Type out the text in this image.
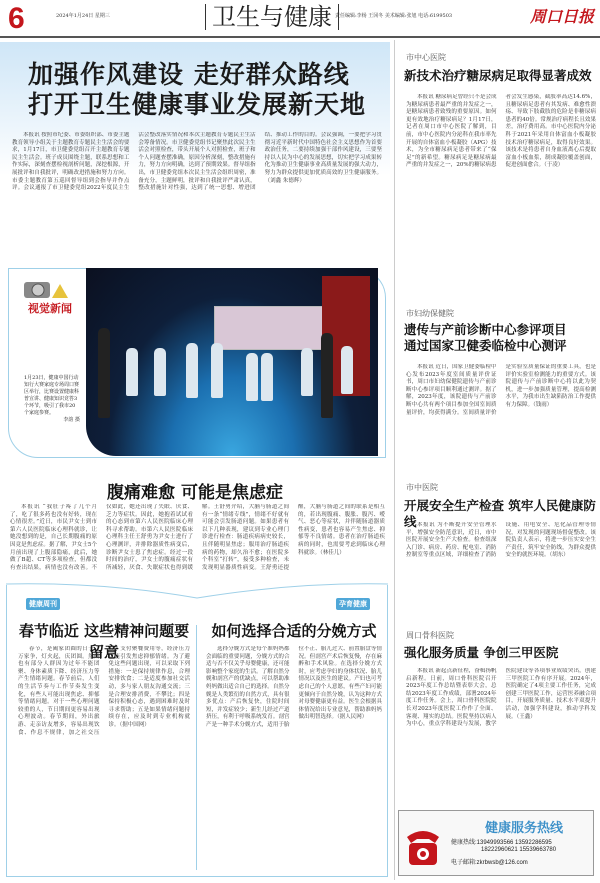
6	2024年1月24日 星期三	卫生与健康 责任编辑:李杨 王冈冬 美术编辑:张旭 电话:6199503	周口日报
加强作风建设 走好群众路线
打开卫生健康事业发展新天地
本报讯 按照市纪委、市委组织部、市委主题教育领导小组关于主题教育专题民主生活会的要求，1月17日，市卫健委党组召开主题教育专题民主生活会。班子成员围绕主题，联系思想和工作实际，深刻查摆检视剖析问题，深挖根源，开展批评和自我批评，明确改进措施和努力方向。市委主题教育第五巡回督导组到会指导并作点评。会议通报了市卫健委党组2022年度民主生活会整改落实情况和本次主题教育专题民主生活会筹备情况。市卫健委党组书记聚焦此次民主生活会对照检查，带头开展个人对照检查，班子和个人问题查摆准确，原因分析深刻，整改措施有力，努力方向明确，达到了预期效果。督导组指出，市卫健委党组本次民主生活会组织周密，准备充分，主题鲜明，批评和自我批评严肃认真，整改措施针对性强，达到了统一思想、增进团结、推动工作的目的。会议强调，一要把学习贯彻习近平新时代中国特色社会主义思想作为首要政治任务，二要持续加强干部作风建设，三要坚持以人民为中心的发展思想，切实把学习成果转化为推动卫生健康事业高质量发展的强大动力，努力为群众提供更加优质高效的卫生健康服务。（刘鑫 朱德辉）
视觉新闻
1月23日，健康中国行动知行大赛家庭专场周口赛区举行，比赛设置健康科普宣讲、健康知识竞答3个环节，吸引了我市20个家庭参赛。

李韵 摄
腹痛难愈 可能是焦虑症
本报讯 “我肚子疼了几个月了，吃了很多药也没有好转，现在心情很差。”近日，市民尹女士到市第六人民医院临床心理科就诊，让她没想到的是，自己长期腹痛的原因竟是焦虑症。据了解，尹女士5个月前出现了上腹部隐痛，此后，她做了B超、CT等多项检查，但都没有查出结果，病情也没有改善。不仅如此，她还出现了失眠、厌食、乏力等症状。因此，她抱着试试看的心态到市第六人民医院临床心理科寻求帮助。市第六人民医院临床心理科主任王舒勇为尹女士进行了心理测评，并排除器质性病变后，诊断尹女士患了焦虑症。经过一段时间的治疗，尹女士的腹痛症状有所减轻，厌食、失眠症状也得到缓解。王舒勇介绍，大脑与肠道之间有一条“情绪专线”，情绪不好就有可能会引发肠道问题。如果患者有以下几种表现，建议到专业心理门诊进行检查：肠道疾病病史较长，且伴随明显焦虑；服用治疗肠道疾病的药物，却久治不愈；在医院多个科室“打转”，接受多种检查，未发现明显器质性病变。王舒勇还提醒，大脑与肠道之间的联系是相互的，若出现腹痛、腹胀、腹泻、嗳气、恶心等症状，并伴随肠道器质性病变，患者也容易产生焦虑、抑郁等不良情绪。患者在治疗肠道疾病的同时，也需要考虑到临床心理科就诊。（林佳儿）
健康周刊
春节临近 这些精神问题要留意
春节，是阖家团圆的日子，万家争，灯火起，庆团圆。然而也有部分人群因为过年不能团聚、身体素质下降、经济压力等产生情绪问题。春节前后，人们的生活节奏与工作节奏发生变化，有些人可能出现焦虑、抑郁等情绪问题。对于一些心理问题较重的人，节日期间更容易出现心理波动。春节期间，外出旅游、走亲访友增多，容易出现饮食、作息不规律，加之社交压力、支付聚餐费用等，经济压力可能引发焦虑抑郁情绪。为了避免这些问题出现，可以采取下列措施：一是保持规律作息，合理安排饮食；二是适度参加社交活动，多与家人朋友沟通交流；三是合理安排消费，不攀比；四是保持积极心态，遇到困难时及时寻求帮助；五是如果情绪问题持续存在，应及时到专业机构就诊。（据中国网）
孕育健康
如何选择合适的分娩方式
选择分娩方式是每个准妈妈都会面临的重要问题，分娩方式的合适与否不仅关乎母婴健康，还可能影响整个家庭的生活。了解自然分娩和剖宫产的优缺点，可以帮助准妈妈做出适合自己的选择。自然分娩是人类繁衍的自然方式，具有很多优点：产后恢复快，住院时间短，并发症较少；新生儿经过产道挤压，有利于呼吸系统发育。剖宫产是一种手术分娩方式，适用于胎位不正、胎儿过大、前置胎盘等情况。但剖宫产术后恢复慢，存在麻醉和手术风险。在选择分娩方式时，应考虑孕妇的身体状况、胎儿情况以及医生的建议。产妇也可考虑自己的个人意愿，有些产妇可能更倾向于自然分娩，认为这种方式对母婴健康更有益。医生会根据具体情况给出专业意见，帮助准妈妈做出明智选择。（据人民网）
市中心医院
新技术治疗糖尿病足取得显著成效
本报讯 糖尿病足曾经只不是会成为糖尿病患者最严重的并发症之一，是糖尿病患者致残的重要原因。如何更有效地治疗糖尿病足？1月17日，记者在周口市中心医院了解到，目前，市中心医院内分泌科在我市率先开展的自体富血小板凝胶（APG）技术，为全市糖尿病足患者带来了“保足”的新希望。糖尿病足是糖尿病最严重的并发症之一，20%的糖尿病患者会发生感染，截肢率高达14.6%，且糖尿病足患者有其发病、难愈性溃疡、导致下肢截肢的危险是非糖尿病患者的40倍。常规治疗病程长且效果差，治疗费用高。市中心医院内分泌科于2021年采用自体富血小板凝胶技术治疗糖尿病足，取得良好效果。该技术是将患者自身血液离心后提取富血小板血浆，制成凝胶覆盖创面，促进创面愈合。（于凌）
市妇幼保健院
遗传与产前诊断中心参评项目
通过国家卫健委临检中心测评
本报讯 近日，国家卫健委临检中心发布2023年度室间质量评价证书，周口市妇幼保健院遗传与产前诊断中心参评项目顺利通过测评。据了解，2023年度，该院遗传与产前诊断中心共有两个项目参加全国室间质量评价，均获得满分。室间质量评价是实验室质量保证的重要工具，也是评价实验室检测能力的重要方式。该院遗传与产前诊断中心将以此为契机，进一步加强质量管理，提高检测水平，为我市出生缺陷防治工作提供有力保障。（钱雨）
市中医院
开展安全生产检查 筑牢人民健康防线 本报讯 为不断提升安全管理水平，增强安全防范意识，近日，市中医院开展安全生产大检查。检查组深入门诊、病房、药房、配电室、消防控制室等重点区域，详细检查了消防设施、用电安全、危化品管理等情况，对发现的问题现场督促整改。该院负责人表示，将进一步压实安全生产责任，筑牢安全防线，为群众提供安全的就医环境。（胡东）
周口骨科医院
强化服务质量 争创三甲医院
本报讯 新起点新征程，奋楫扬帆启新程。日前，周口骨科医院召开2023年度工作总结暨表彰大会，总结2023年度工作成绩，部署2024年度工作任务。会上，周口骨科医院院长对2023年度医院工作作了全面、客观、翔实的总结。医院坚持以病人为中心，重点学科建设与发展，教学医院建设等各项事业成绩突出，创建三甲医院工作有序开展。2024年，医院确定了4项主要工作任务，完成创建三甲医院工作，运营医养融合项目，开展服务质量、技术水平双提升活动，加强学科建设，推动学科发展。（王鑫）
健康服务热线
健康热线:13949993566 13592286595
18222960621 15539663780
电子邮箱:zkrbwsb@126.com
